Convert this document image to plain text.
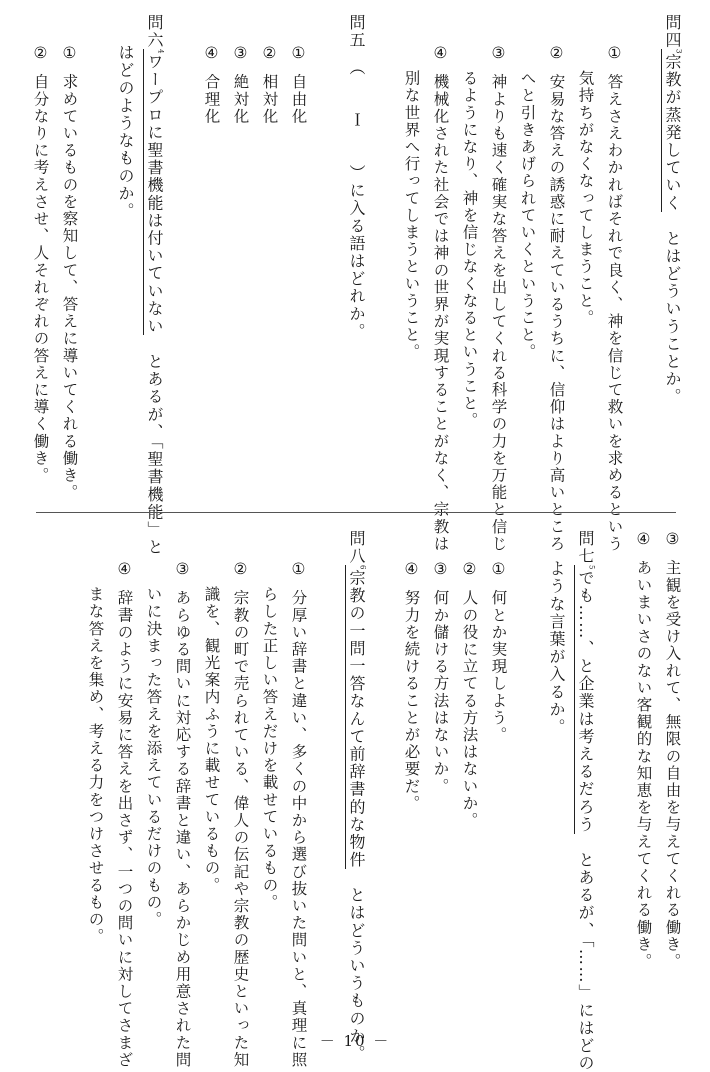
問四$^3$宗教が蒸発していく　とはどういうことか。
①答えさえわかればそれで良く、神を信じて救いを求めるという
気持ちがなくなってしまうこと。
②安易な答えの誘惑に耐えているうちに、信仰はより高いところ
へと引きあげられていくということ。
③神よりも速く確実な答えを出してくれる科学の力を万能と信じ
るようになり、神を信じなくなるということ。
④機械化された社会では神の世界が実現することがなく、宗教は
別な世界へ行ってしまうということ。
問五　（　　Ｉ　　）に入る語はどれか。
①自由化
②相対化
③絶対化
④合理化
問六$^4$ワープロに聖書機能は付いていない　とあるが、「聖書機能」と
はどのようなものか。
①求めているものを察知して、答えに導いてくれる働き。
②自分なりに考えさせ、人それぞれの答えに導く働き。
③主観を受け入れて、無限の自由を与えてくれる働き。
④あいまいさのない客観的な知恵を与えてくれる働き。
問七$^5$でも……、と企業は考えるだろう　とあるが、「……」にはどの
ような言葉が入るか。
①何とか実現しよう。
②人の役に立てる方法はないか。
③何か儲ける方法はないか。
④努力を続けることが必要だ。
問八$^6$宗教の一問一答なんて前辞書的な物件　とはどういうものか。
①分厚い辞書と違い、多くの中から選び抜いた問いと、真理に照
らした正しい答えだけを載せているもの。
②宗教の町で売られている、偉人の伝記や宗教の歴史といった知
識を、観光案内ふうに載せているもの。
③あらゆる問いに対応する辞書と違い、あらかじめ用意された問
いに決まった答えを添えているだけのもの。
④辞書のように安易に答えを出さず、一つの問いに対してさまざ
まな答えを集め、考える力をつけさせるもの。
－ 10 －
